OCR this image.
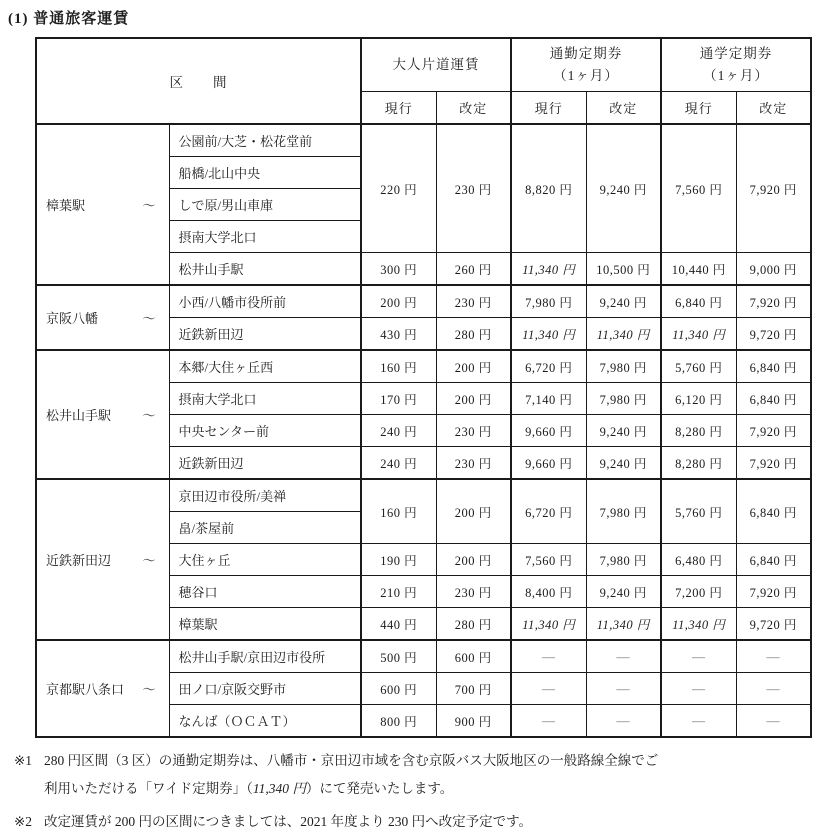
(1) 普通旅客運賃
区　　間	
大人片道運賃

通勤定期券
（1ヶ月）

通学定期券
（1ヶ月）

		現行	改定	現行	改定	現行	改定

樟葉駅 ～	公園前/大芝・松花堂前	220 円	230 円	8,820 円	9,240 円	7,560 円	7,920 円
	船橋/北山中央						
	しで原/男山車庫						
	摂南大学北口						
	松井山手駅	300 円	260 円	11,340 円	10,500 円	10,440 円	9,000 円

京阪八幡 ～	小西/八幡市役所前	200 円	230 円	7,980 円	9,240 円	6,840 円	7,920 円
	近鉄新田辺	430 円	280 円	11,340 円	11,340 円	11,340 円	9,720 円

松井山手駅 ～	本郷/大住ヶ丘西	160 円	200 円	6,720 円	7,980 円	5,760 円	6,840 円
	摂南大学北口	170 円	200 円	7,140 円	7,980 円	6,120 円	6,840 円
	中央センター前	240 円	230 円	9,660 円	9,240 円	8,280 円	7,920 円
	近鉄新田辺	240 円	230 円	9,660 円	9,240 円	8,280 円	7,920 円

近鉄新田辺 ～	京田辺市役所/美禅	160 円	200 円	6,720 円	7,980 円	5,760 円	6,840 円
	畠/茶屋前						
	大住ヶ丘	190 円	200 円	7,560 円	7,980 円	6,480 円	6,840 円
	穂谷口	210 円	230 円	8,400 円	9,240 円	7,200 円	7,920 円
	樟葉駅	440 円	280 円	11,340 円	11,340 円	11,340 円	9,720 円

京都駅八条口 ～	松井山手駅/京田辺市役所	500 円	600 円	―	―	―	―
	田ノ口/京阪交野市	600 円	700 円	―	―	―	―
	なんば（ＯＣＡＴ）	800 円	900 円	―	―	―	―
※1 280 円区間（3 区）の通勤定期券は、八幡市・京田辺市域を含む京阪バス大阪地区の一般路線全線でご
利用いただける「ワイド定期券」（11,340 円）にて発売いたします。
※2 改定運賃が 200 円の区間につきましては、2021 年度より 230 円へ改定予定です。
